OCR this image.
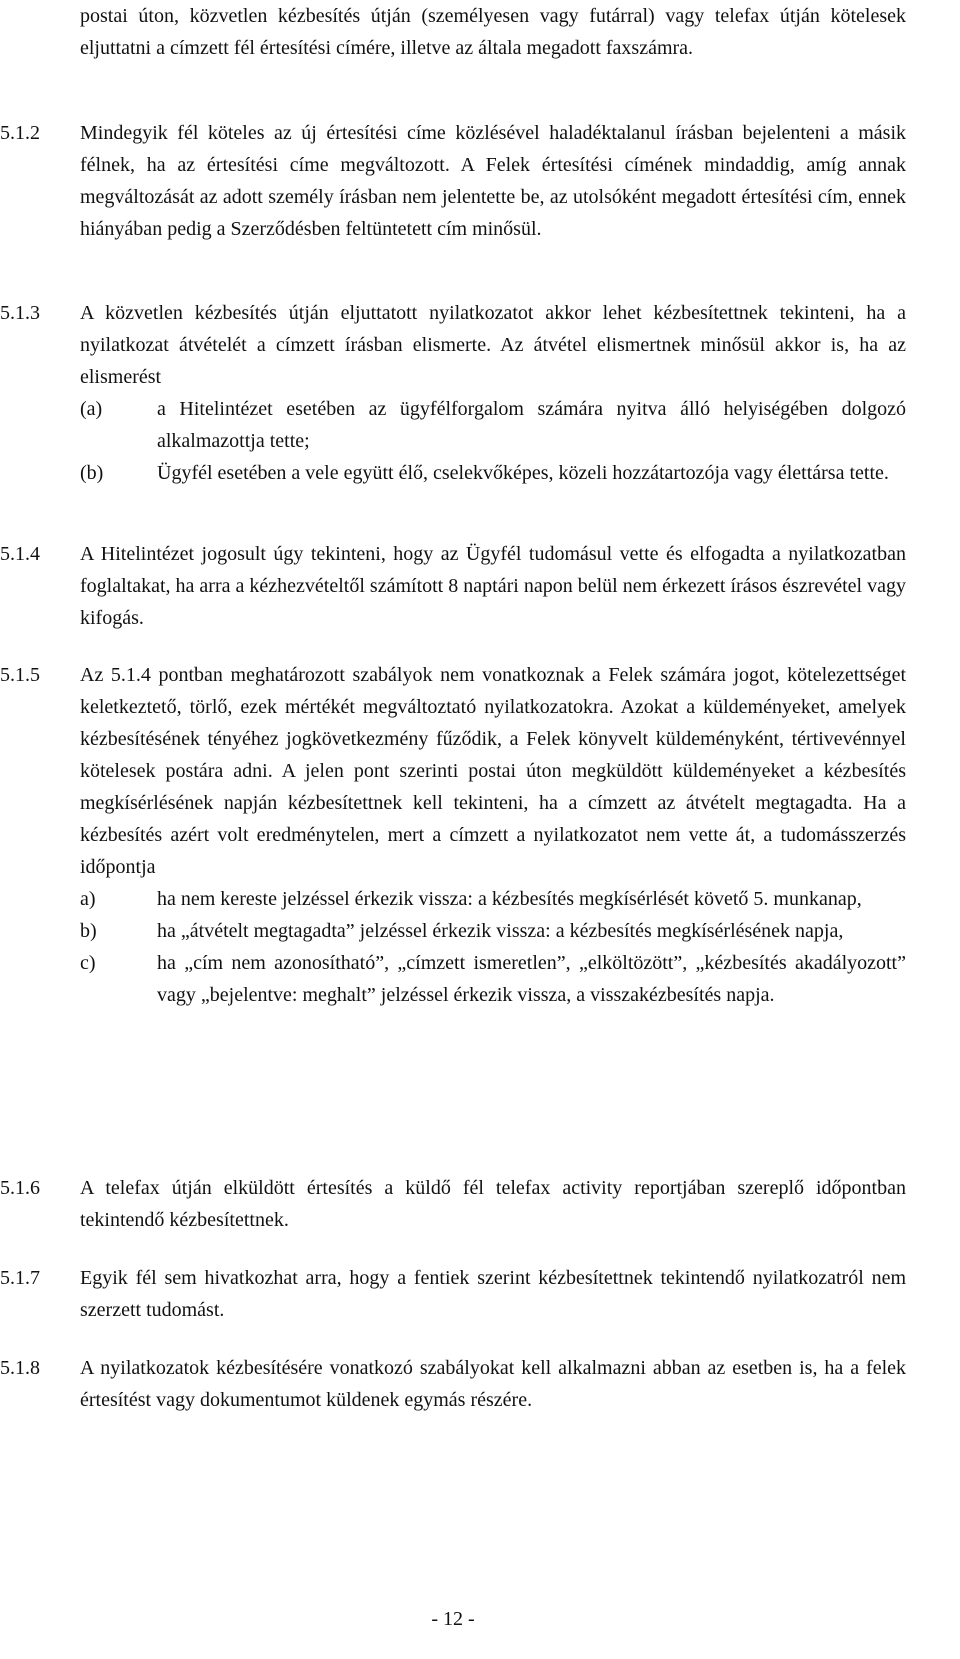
postai úton, közvetlen kézbesítés útján (személyesen vagy futárral) vagy telefax útján kötelesek eljuttatni a címzett fél értesítési címére, illetve az általa megadott faxszámra.

5.1.2	Mindegyik fél köteles az új értesítési címe közlésével haladéktalanul írásban bejelenteni a másik félnek, ha az értesítési címe megváltozott. A Felek értesítési címének mindaddig, amíg annak megváltozását az adott személy írásban nem jelentette be, az utolsóként megadott értesítési cím, ennek hiányában pedig a Szerződésben feltüntetett cím minősül.

5.1.3	A közvetlen kézbesítés útján eljuttatott nyilatkozatot akkor lehet kézbesítettnek tekinteni, ha a nyilatkozat átvételét a címzett írásban elismerte. Az átvétel elismertnek minősül akkor is, ha az elismerést

(a)	a Hitelintézet esetében az ügyfélforgalom számára nyitva álló helyiségében dolgozó alkalmazottja tette;

(b)	Ügyfél esetében a vele együtt élő, cselekvőképes, közeli hozzátartozója vagy élettársa tette.

5.1.4	A Hitelintézet jogosult úgy tekinteni, hogy az Ügyfél tudomásul vette és elfogadta a nyilatkozatban foglaltakat, ha arra a kézhezvételtől számított 8 naptári napon belül nem érkezett írásos észrevétel vagy kifogás.

5.1.5	Az 5.1.4 pontban meghatározott szabályok nem vonatkoznak a Felek számára jogot, kötelezettséget keletkeztető, törlő, ezek mértékét megváltoztató nyilatkozatokra. Azokat a küldeményeket, amelyek kézbesítésének tényéhez jogkövetkezmény fűződik, a Felek könyvelt küldeményként, tértivevénnyel kötelesek postára adni. A jelen pont szerinti postai úton megküldött küldeményeket a kézbesítés megkísérlésének napján kézbesítettnek kell tekinteni, ha a címzett az átvételt megtagadta. Ha a kézbesítés azért volt eredménytelen, mert a címzett a nyilatkozatot nem vette át, a tudomásszerzés időpontja

a)	ha nem kereste jelzéssel érkezik vissza: a kézbesítés megkísérlését követő 5. munkanap,

b)	ha „átvételt megtagadta” jelzéssel érkezik vissza: a kézbesítés megkísérlésének napja,

c)	ha „cím nem azonosítható”, „címzett ismeretlen”, „elköltözött”, „kézbesítés akadályozott” vagy „bejelentve: meghalt” jelzéssel érkezik vissza, a visszakézbesítés napja.

5.1.6	A telefax útján elküldött értesítés a küldő fél telefax activity reportjában szereplő időpontban tekintendő kézbesítettnek.

5.1.7	Egyik fél sem hivatkozhat arra, hogy a fentiek szerint kézbesítettnek tekintendő nyilatkozatról nem szerzett tudomást.

5.1.8	A nyilatkozatok kézbesítésére vonatkozó szabályokat kell alkalmazni abban az esetben is, ha a felek értesítést vagy dokumentumot küldenek egymás részére.

- 12 -
